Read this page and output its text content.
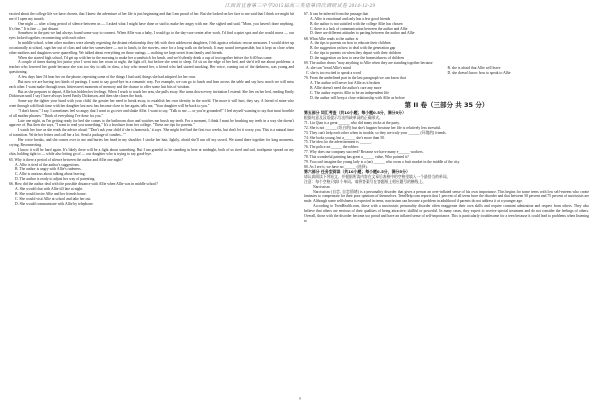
江西省宜春第三中学2015届高三英语第四次调研试卷 2014-12-29

excited about the college life we have chosen, that I knew the adventure of her life is just beginning and that I am proud of her. But she looked on her face to me said that I think we might hit me if I open my mouth.

One night — after a long period of silence between us — I asked what I might have done or said to make her angry with me. She sighed and said, "Mom, you haven't done anything. It's fine." It is fine — just distant.

Somehow in the past we had always found some way to connect. When Allie was a baby, I would go to the day-care center after work. I'd find a quiet spot and she would nurse — our eyes locked together, reconnecting with each other.

In middle school, when other mothers were already regretting the distant relationship they felt with their adolescent daughters, I felt again a relation: rescue measures. I would drive up occasionally at school, sign her out of class and take her somewhere — not to lunch, to the movies, once for a long walk on the beach. It may sound irresponsible, but it kept us close when other mothers and daughters were quarrelling. We talked about everything on those outings — nothing we kept secret from family and friends.

When she started high school, I'd get up with her in the morning to make her a sandwich for lunch, and we'd silently drink a cup of tea together before the 6:40 bus came.

A couple of times during her junior year I went into her room at night, the light off, but before she went to sleep. I'd sit on the edge of her bed, and she'd tell me about problems: a teacher who lowered her grade because she was too shy to talk in class, a boy who teased her, a friend who had started smoking. Her voice, coming out of the darkness, was young and questioning.

A few days later I'd hear her on the phone, repeating some of the things I had said, things she had adopted for her own.

But now we are having two kinds of partings. I want to say good-bye in a romantic way. For example, we can go to lunch and lean across the table and say how much we will miss each other. I want make through tears, bittersweet moments of memory and the chance to offer some last bits of wisdom.

But as she prepares to depart, Allie has hidden her feelings. When I reach to touch her arm, she pulls away. She turns down every invitation I extend. She lies on her bed, reading Emily Dickinson until I say I have always loved Emily Dickinson, and then she closes the book.

Some say the tighter your bond with your child, the greater her need to break away, to establish her own identity in the world. The more it will hurt, they say. A friend of mine who went through a difficult time with her daughter last now has become close to her again, tells me, "Your daughter will be back to you."

"I don't know," I say. I sometimes feel so angry that I want to go over and shake Allie. I want to say, "Talk to me — or you're grounded!" I feel myself wanting to say that most horrible of all mother phrases: "Think of everything I've done for you."

Late one night, as I'm getting ready for bed she comes to the bathroom door and watches me brush my teeth. For a moment, I think I must be brushing my teeth in a way she doesn't approve of. But then she says, "I want to read you something." It's a brochure from her college. "These are tips for parents."

I watch her face as she reads the advice aloud: "'Don't ask your child if she is homesick,' it says. 'She might feel bad the first two weeks, but don't let it worry you. This is a natural time of transition. Write her letters and call her a lot. Send a package of candies...'"

Her voice breaks, and she comes over to me and buries her head in my shoulder. I stroke her hair, lightly, afraid she'll run off my sword. We stand there together for long moments, crying. Reconnecting.

I know it will be hard again. It's likely there will be a fight about something. But I am grateful to be standing in here at midnight, both of us tired and sad, toothpaste spread on my chin, holding tight to — while also letting go of — our daughter who is trying to say good-bye.

65. Why is there a period of silence between the author and Allie one night?

A. Allie is tired of the author's suggestions.

B. The author is angry with Allie's rudeness.

C. Allie is anxious about talking about leaving.

D. The author is ready to adjust her way of parenting.

66. How did the author deal with the possible distance with Allie when Allie was in middle school?

A. She would chat with Allie till late at night.

B. She would invite Allie and her friends home.

C. She would visit Allie at school and take her out.

D. She would communicate with Allie by telephone.

67. It can be inferred from the passage that

A. Allie is emotional and only has a few good friends

B. the author is not satisfied with the college Allie has chosen

C. there is a lack of communication between the author and Allie

D. there are different attitudes to parting between the author and Allie

68. What Allie reads to the author is

A. the tips to parents on how to educate their children

B. the suggestion on how to deal with the generation gap

C. the tips to parents on when they depart with their children

D. the suggestion on how to ease the homesickness of children

69. The author draws "may anything to Allie when they are standing together because

A. she can "tread Allie's mind	B. she is afraid that Allie will leave
C. she is too excited to speak a word	D. she doesn't know how to speak to Allie

70. From the underlined part in the last paragraph we can know that

A. The author will never lost Allie as it broken

B. Allie doesn't need the author's care any more

C. The author expects Allie to be an independent life

D. the author will keep a close relationship with Allie as before

第 II 卷（三部分 共 35 分）

第五部分 词汇考查（共10小题；每小题0.5分，满分5分）

根据句意及汉语提示写出所缺单词的正确形式。

71. Liu Qian is a great ______ who did many tricks at the party.

72. She is not ______ (坦白的) but she's happier because her life is relatively less stressful.

73. They can't help each other when in trouble, so they are truly your ______ (环境的) friends.

74. She looks young, but a______ she's more than 50.

75. The idea for the advertisement is ______.

76. The police arr______ the robber.

77. Why does our company succeed? Because we have many e______ workers.

78. This wonderful painting has great a______ value, Who painted it?

79. You can't imagine the young lady is a (an) ______ who owns a fruit market in the middle of the city.

80. As I see it, we have no ______ (选择).

第六部分 任务型阅读（共10小题；每小题0.5分，满分5分）

请认真阅读下列短文，并根据所读内容在文章后表格中的空格里填入一个最恰当的单词。

注意：每个空格只填1个单词。请将答案写在答题纸上相应题号的横线上。

Narcissism

Narcissism (自恋, 自恋情绪) is a personality disorder that gives a person an over-inflated sense of his own importance. This begins for some teens with low self-esteem who create fantasies to compensate for their poor opinions of themselves. TeenHelp.com reports that 1 percent of all teens have the disorder and that between 50 percent and 75 percent of narcissists are male. Although some selfishness is expected in teens, narcissism can become a problem in adulthood if parents do not address it at a younger age.

According to TeenHealth.com, those with a narcissistic personality disorder often exaggerate their own skills and require constant admiration and respect from others. They also believe that others are envious of their qualities of being attractive, skillful or powerful. In many cases, they expect to receive special treatment and do not consider the feelings of others. Overall, those with the disorder become too proud and have an inflated sense of self-importance. This is particularly troublesome for a teen because it could lead to problems when listening to

9
